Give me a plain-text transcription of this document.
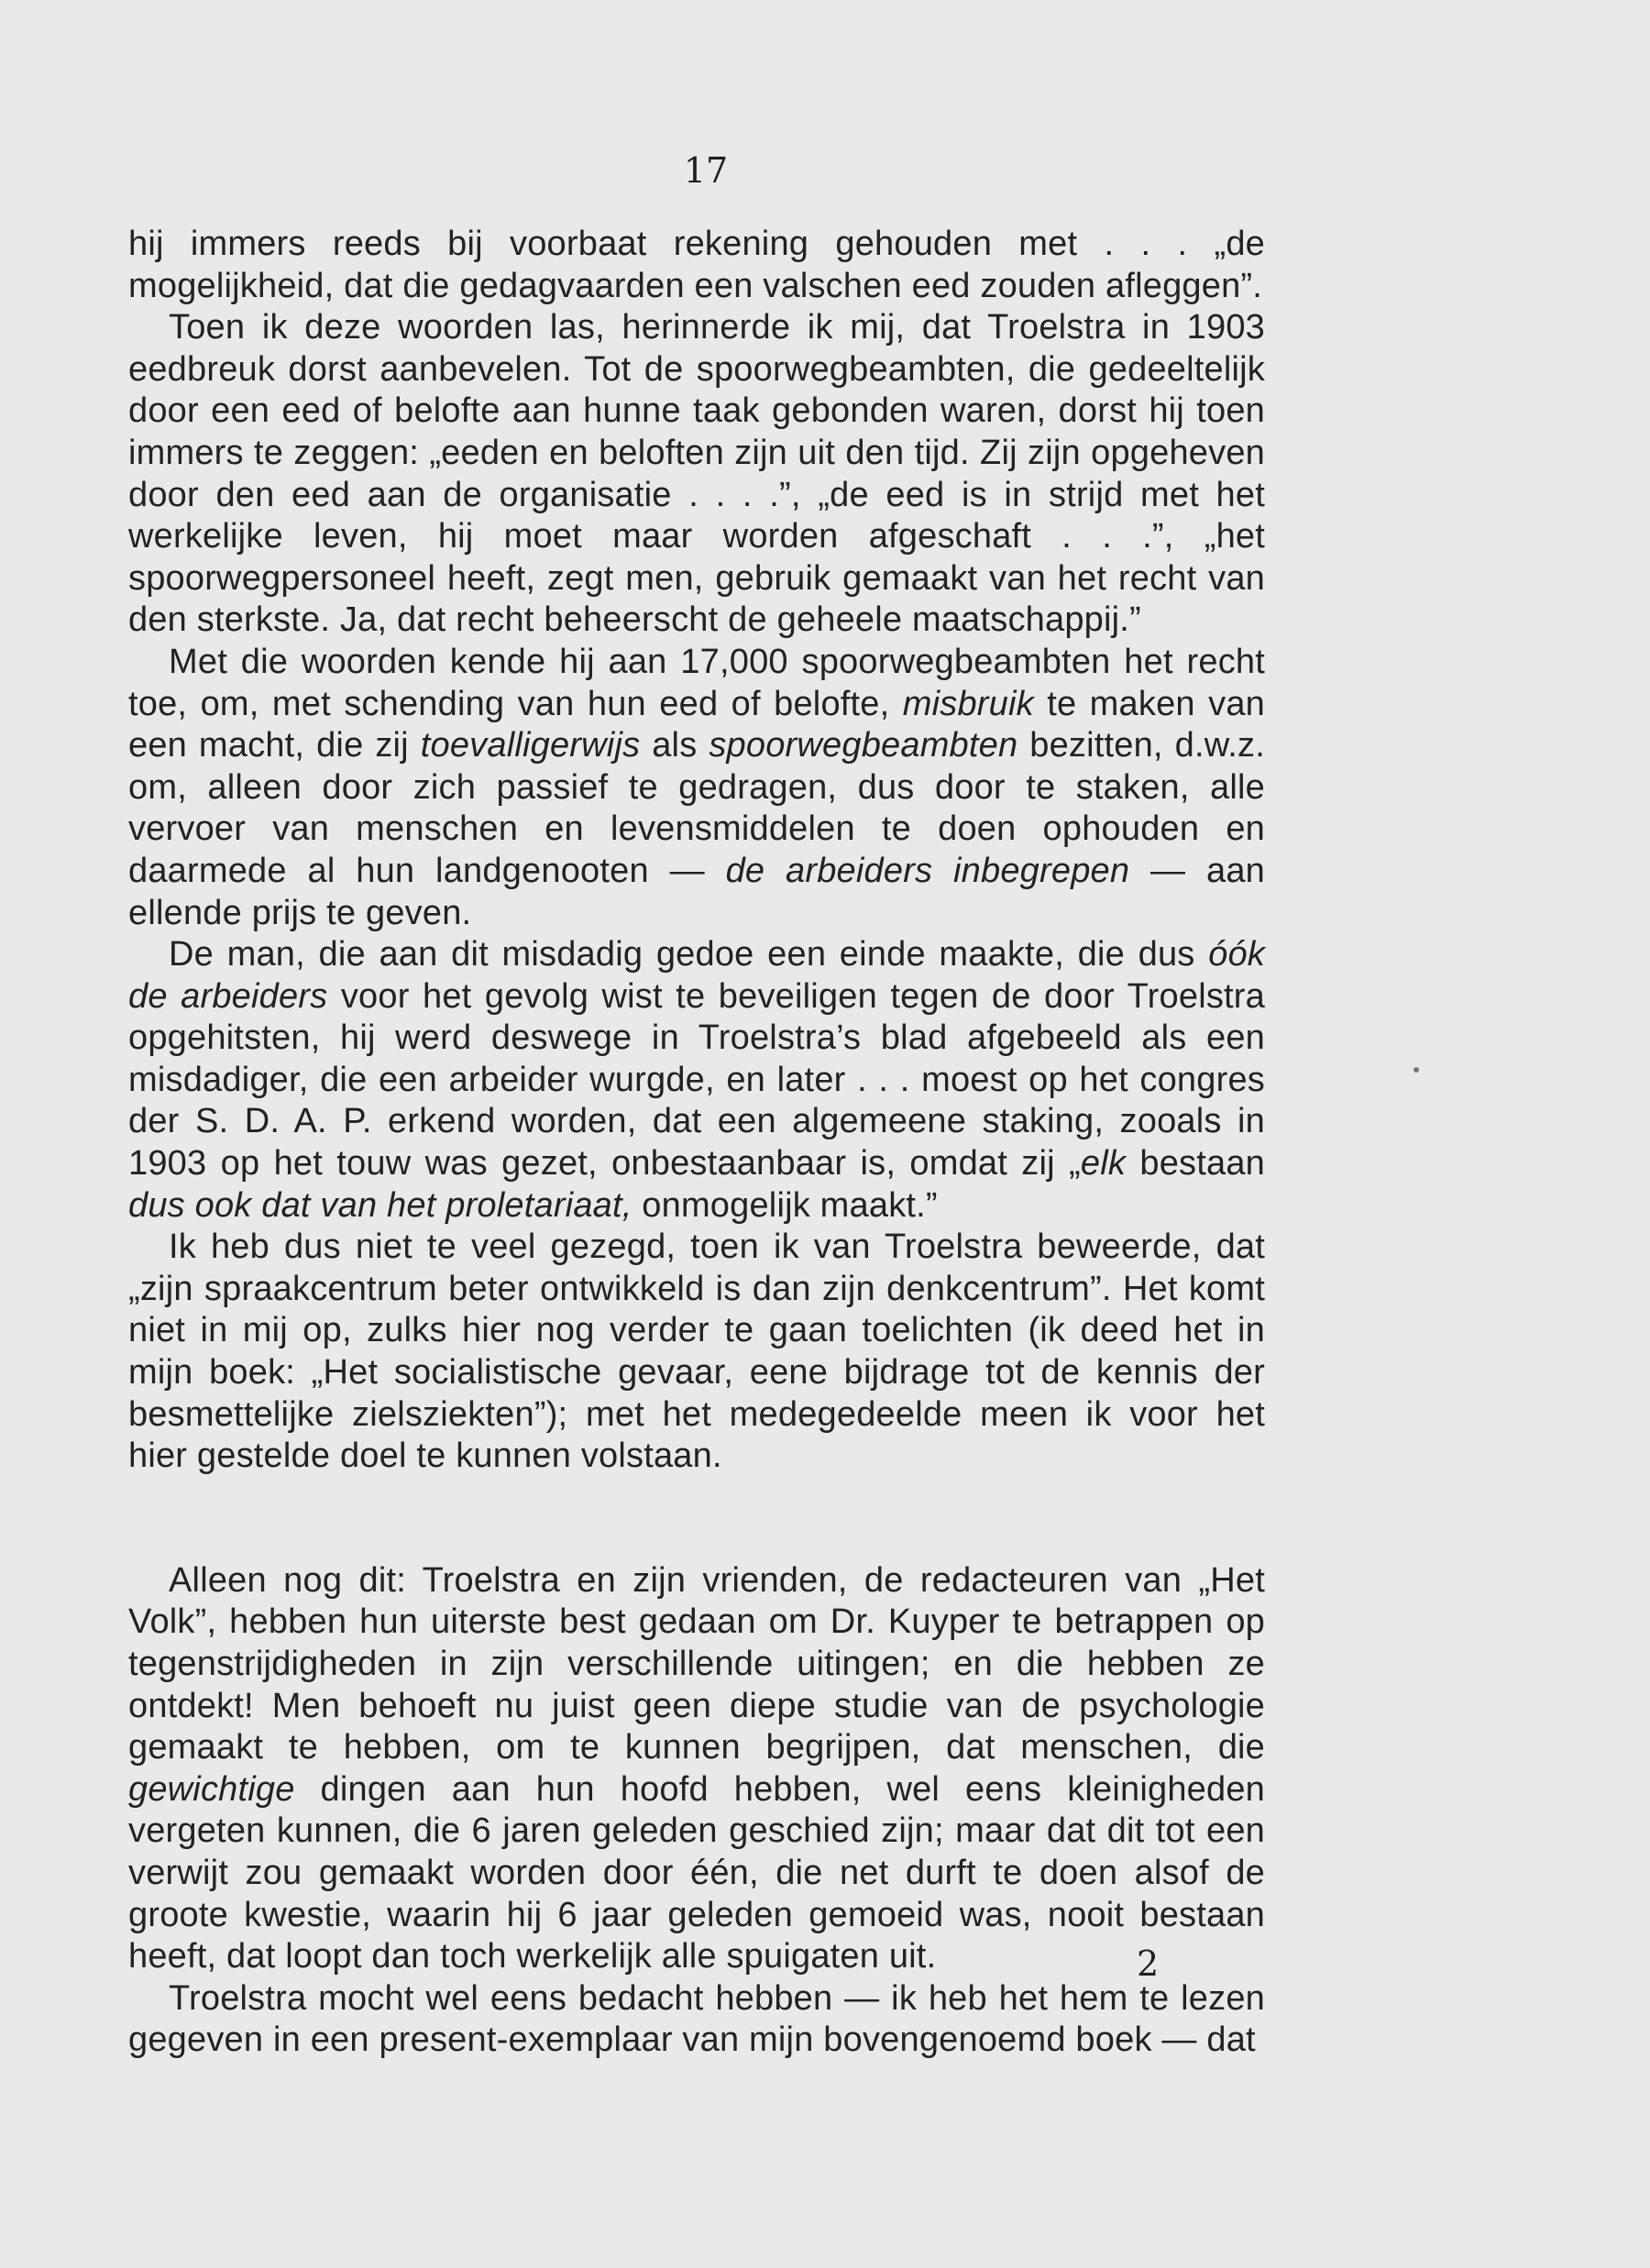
17

hij immers reeds bij voorbaat rekening gehouden met . . . „de mogelijkheid, dat die gedagvaarden een valschen eed zouden afleggen”.

Toen ik deze woorden las, herinnerde ik mij, dat Troelstra in 1903 eedbreuk dorst aanbevelen. Tot de spoorwegbeambten, die gedeeltelijk door een eed of belofte aan hunne taak gebonden waren, dorst hij toen immers te zeggen: „eeden en beloften zijn uit den tijd. Zij zijn opgeheven door den eed aan de organisatie . . . .”, „de eed is in strijd met het werkelijke leven, hij moet maar worden afgeschaft . . .”, „het spoorwegpersoneel heeft, zegt men, gebruik gemaakt van het recht van den sterkste. Ja, dat recht beheerscht de geheele maatschappij.”

Met die woorden kende hij aan 17,000 spoorwegbeambten het recht toe, om, met schending van hun eed of belofte, misbruik te maken van een macht, die zij toevalligerwijs als spoorwegbeambten bezitten, d.w.z. om, alleen door zich passief te gedragen, dus door te staken, alle vervoer van menschen en levensmiddelen te doen ophouden en daarmede al hun landgenooten — de arbeiders inbegrepen — aan ellende prijs te geven.

De man, die aan dit misdadig gedoe een einde maakte, die dus óók de arbeiders voor het gevolg wist te beveiligen tegen de door Troelstra opgehitsten, hij werd deswege in Troelstra’s blad afgebeeld als een misdadiger, die een arbeider wurgde, en later . . . moest op het congres der S. D. A. P. erkend worden, dat een algemeene staking, zooals in 1903 op het touw was gezet, onbestaanbaar is, omdat zij „elk bestaan dus ook dat van het proletariaat, onmogelijk maakt.”

Ik heb dus niet te veel gezegd, toen ik van Troelstra beweerde, dat „zijn spraakcentrum beter ontwikkeld is dan zijn denkcentrum”. Het komt niet in mij op, zulks hier nog verder te gaan toelichten (ik deed het in mijn boek: „Het socialistische gevaar, eene bijdrage tot de kennis der besmettelijke zielsziekten”); met het medegedeelde meen ik voor het hier gestelde doel te kunnen volstaan.

Alleen nog dit: Troelstra en zijn vrienden, de redacteuren van „Het Volk”, hebben hun uiterste best gedaan om Dr. Kuyper te betrappen op tegenstrijdigheden in zijn verschillende uitingen; en die hebben ze ontdekt! Men behoeft nu juist geen diepe studie van de psychologie gemaakt te hebben, om te kunnen begrijpen, dat menschen, die gewichtige dingen aan hun hoofd hebben, wel eens kleinigheden vergeten kunnen, die 6 jaren geleden geschied zijn; maar dat dit tot een verwijt zou gemaakt worden door één, die net durft te doen alsof de groote kwestie, waarin hij 6 jaar geleden gemoeid was, nooit bestaan heeft, dat loopt dan toch werkelijk alle spuigaten uit.

Troelstra mocht wel eens bedacht hebben — ik heb het hem te lezen gegeven in een present-exemplaar van mijn bovengenoemd boek — dat

2
